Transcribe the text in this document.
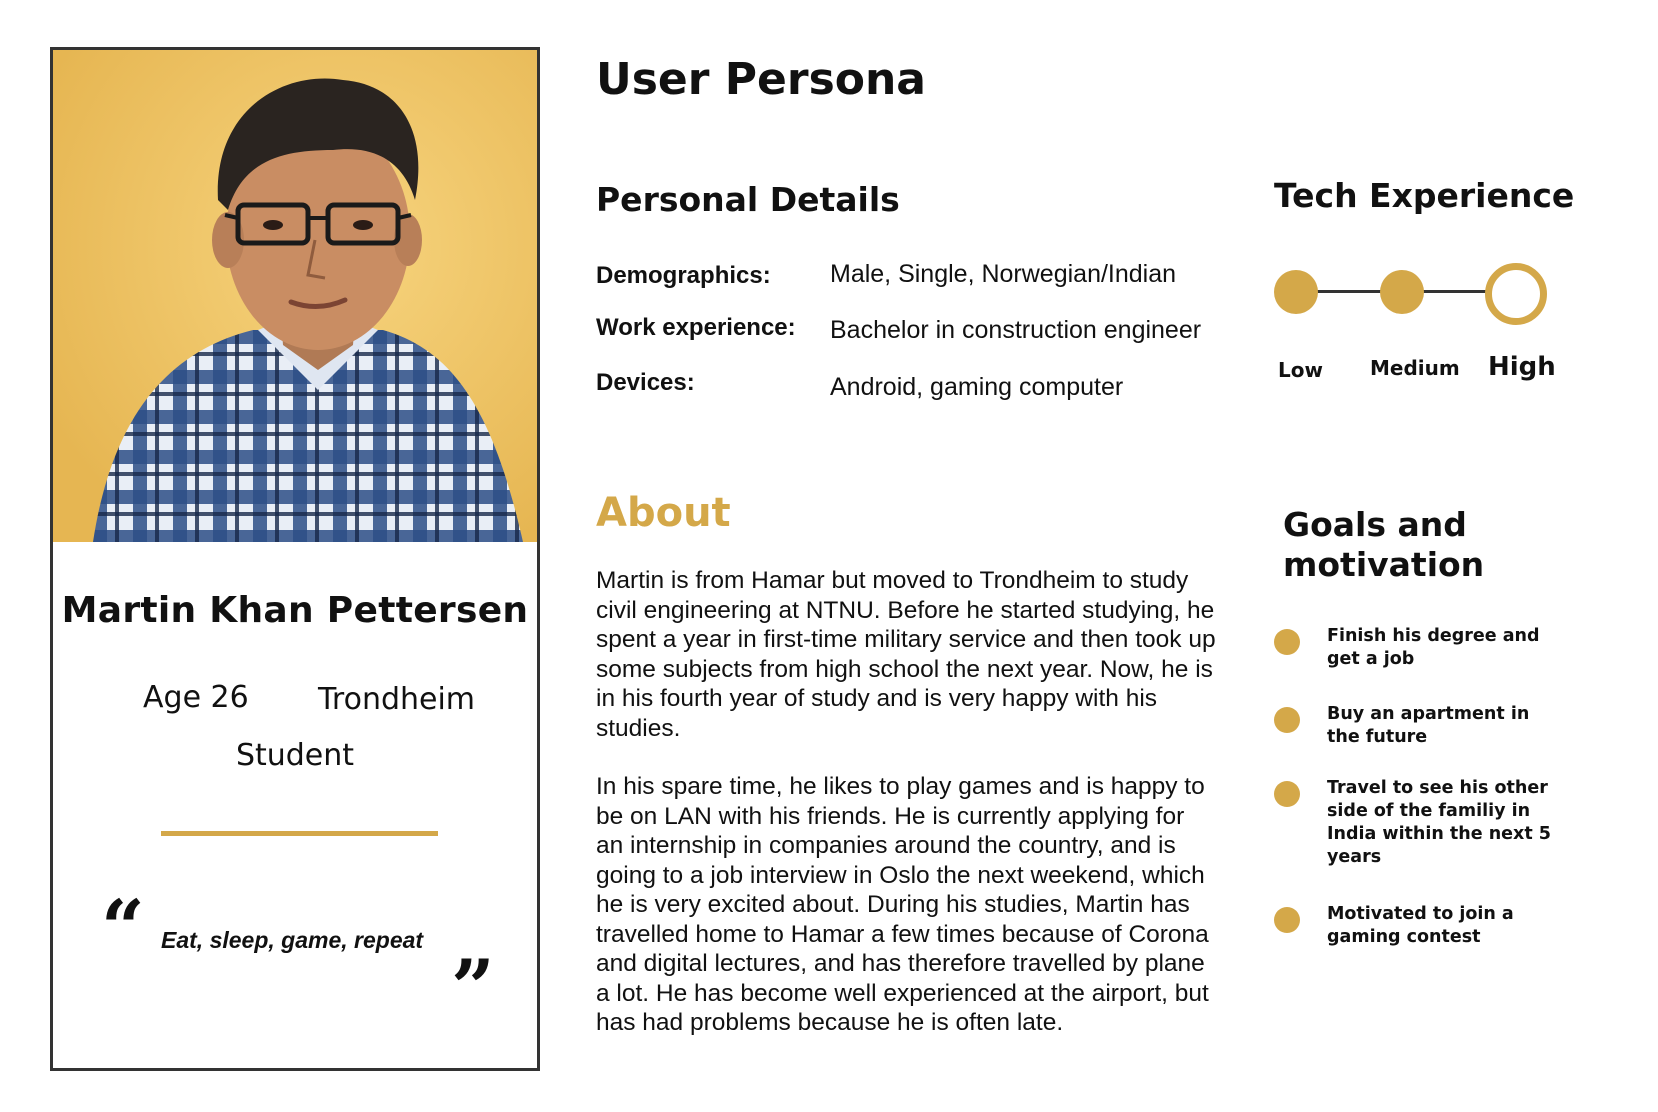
Martin Khan Pettersen
Age 26 Trondheim
Student
“ Eat, sleep, game, repeat
”
User Persona
Personal Details
Demographics: Male, Single, Norwegian/Indian
Work experience: Bachelor in construction engineer
Devices:	Android, gaming computer
Tech Experience
Low Medium High
About

Martin is from Hamar but moved to Trondheim to study civil engineering at NTNU. Before he started studying, he spent a year in first-time military service and then took up some subjects from high school the next year. Now, he is in his fourth year of study and is very happy with his studies.

In his spare time, he likes to play games and is happy to be on LAN with his friends. He is currently applying for an internship in companies around the country, and is going to a job interview in Oslo the next weekend, which he is very excited about. During his studies, Martin has travelled home to Hamar a few times because of Corona and digital lectures, and has therefore travelled by plane a lot. He has become well experienced at the airport, but has had problems because he is often late.

Goals and motivation
Finish his degree and get a job
Buy an apartment in the future
Travel to see his other side of the familiy in India within the next 5 years
Motivated to join a gaming contest
